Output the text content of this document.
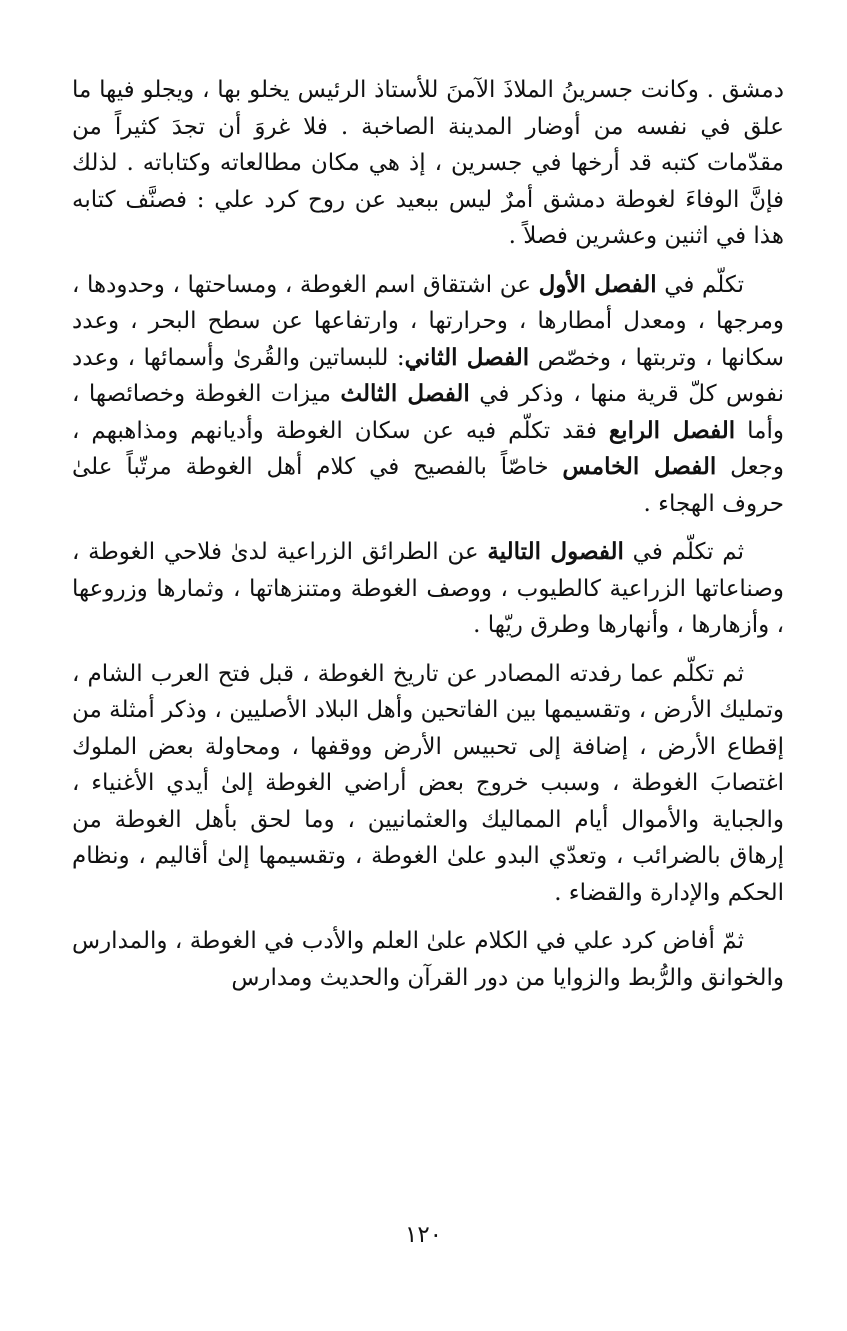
دمشق . وكانت جسرينُ الملاذَ الآمنَ للأستاذ الرئيس يخلو بها ، ويجلو فيها ما علق في نفسه من أوضار المدينة الصاخبة . فلا غروَ أن تجدَ كثيراً من مقدّمات كتبه قد أرخها في جسرين ، إذ هي مكان مطالعاته وكتاباته . لذلك فإنَّ الوفاءَ لغوطة دمشق أمرٌ ليس ببعيد عن روح كرد علي : فصنَّف كتابه هذا في اثنين وعشرين فصلاً .

تكلّم في الفصل الأول عن اشتقاق اسم الغوطة ، ومساحتها ، وحدودها ، ومرجها ، ومعدل أمطارها ، وحرارتها ، وارتفاعها عن سطح البحر ، وعدد سكانها ، وتربتها ، وخصّص الفصل الثاني: للبساتين والقُرىٰ وأسمائها ، وعدد نفوس كلّ قرية منها ، وذكر في الفصل الثالث ميزات الغوطة وخصائصها ، وأما الفصل الرابع فقد تكلّم فيه عن سكان الغوطة وأديانهم ومذاهبهم ، وجعل الفصل الخامس خاصّاً بالفصيح في كلام أهل الغوطة مرتّباً علىٰ حروف الهجاء .

ثم تكلّم في الفصول التالية عن الطرائق الزراعية لدىٰ فلاحي الغوطة ، وصناعاتها الزراعية كالطيوب ، ووصف الغوطة ومتنزهاتها ، وثمارها وزروعها ، وأزهارها ، وأنهارها وطرق ريّها .

ثم تكلّم عما رفدته المصادر عن تاريخ الغوطة ، قبل فتح العرب الشام ، وتمليك الأرض ، وتقسيمها بين الفاتحين وأهل البلاد الأصليين ، وذكر أمثلة من إقطاع الأرض ، إضافة إلى تحبيس الأرض ووقفها ، ومحاولة بعض الملوك اغتصابَ الغوطة ، وسبب خروج بعض أراضي الغوطة إلىٰ أيدي الأغنياء ، والجباية والأموال أيام المماليك والعثمانيين ، وما لحق بأهل الغوطة من إرهاق بالضرائب ، وتعدّي البدو علىٰ الغوطة ، وتقسيمها إلىٰ أقاليم ، ونظام الحكم والإدارة والقضاء .

ثمّ أفاض كرد علي في الكلام علىٰ العلم والأدب في الغوطة ، والمدارس والخوانق والرُّبط والزوايا من دور القرآن والحديث ومدارس

١٢٠
